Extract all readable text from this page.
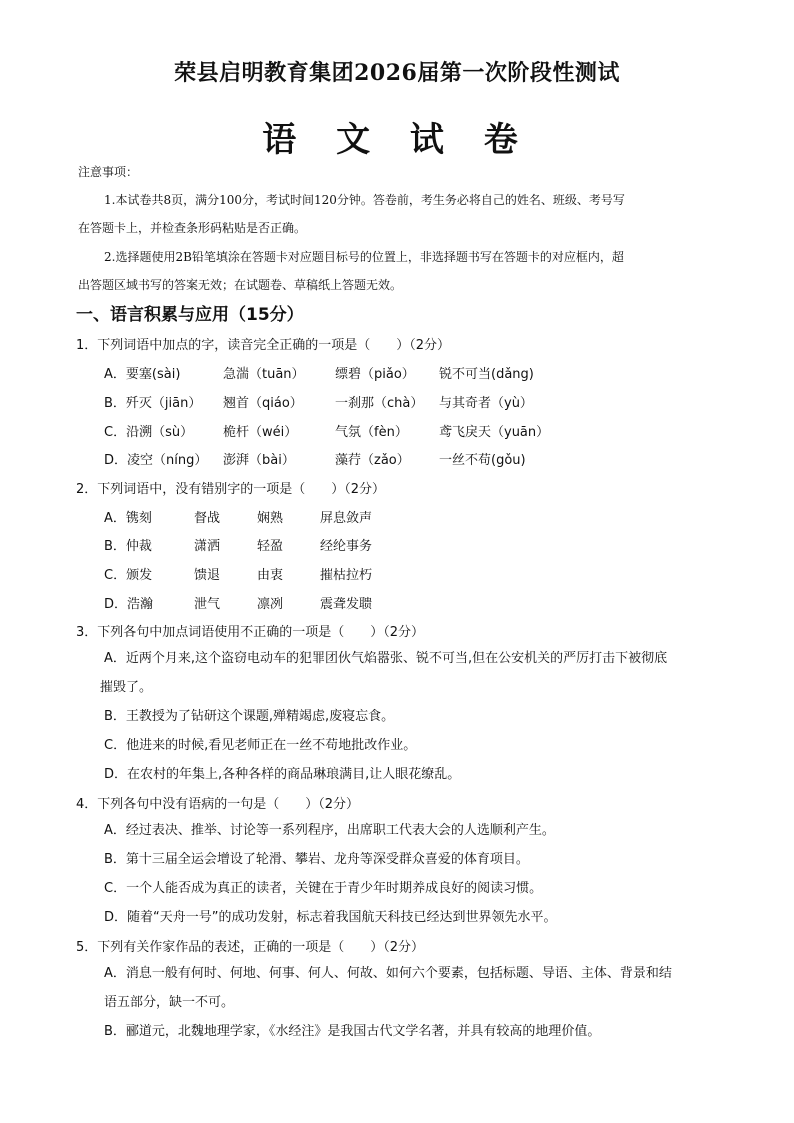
荣县启明教育集团2026届第一次阶段性测试
语 文 试 卷
注意事项：
1.本试卷共8页，满分100分，考试时间120分钟。答卷前，考生务必将自己的姓名、班级、考号写
在答题卡上，并检查条形码粘贴是否正确。
2.选择题使用2B铅笔填涂在答题卡对应题目标号的位置上，非选择题书写在答题卡的对应框内，超
出答题区域书写的答案无效；在试题卷、草稿纸上答题无效。
一、语言积累与应用（15分）
1．下列词语中加点的字，读音完全正确的一项是（　　）（2分）
A．要塞(sài)	急湍（tuān） 缥碧（piǎo） 锐不可当(dǎng)
B．歼灭（jiān） 翘首（qiáo） 一刹那（chà） 与其奇者（yù）
C．沿溯（sù） 桅杆（wéi）	气氛（fèn） 鸢飞戾天（yuān）
D．凌空（níng） 澎湃（bài）	藻荇（zǎo） 一丝不苟(gǒu)
2．下列词语中，没有错别字的一项是（　　）（2分）
A．镌刻	督战	娴熟	屏息敛声
B．仲裁	潇洒	轻盈	经纶事务
C．颁发	馈退	由衷	摧枯拉朽
D．浩瀚	泄气	凛冽	震聋发聩
3．下列各句中加点词语使用不正确的一项是（　　）（2分）
A．近两个月来,这个盗窃电动车的犯罪团伙气焰嚣张、锐不可当,但在公安机关的严厉打击下被彻底
摧毁了。
B．王教授为了钻研这个课题,殚精竭虑,废寝忘食。
C．他进来的时候,看见老师正在一丝不苟地批改作业。
D．在农村的年集上,各种各样的商品琳琅满目,让人眼花缭乱。
4．下列各句中没有语病的一句是（　　）（2分）
A．经过表决、推举、讨论等一系列程序，出席职工代表大会的人选顺利产生。
B．第十三届全运会增设了轮滑、攀岩、龙舟等深受群众喜爱的体育项目。
C．一个人能否成为真正的读者，关键在于青少年时期养成良好的阅读习惯。
D．随着“天舟一号”的成功发射，标志着我国航天科技已经达到世界领先水平。
5．下列有关作家作品的表述，正确的一项是（　　）（2分）
A．消息一般有何时、何地、何事、何人、何故、如何六个要素，包括标题、导语、主体、背景和结
语五部分，缺一不可。
B．郦道元，北魏地理学家，《水经注》是我国古代文学名著，并具有较高的地理价值。
